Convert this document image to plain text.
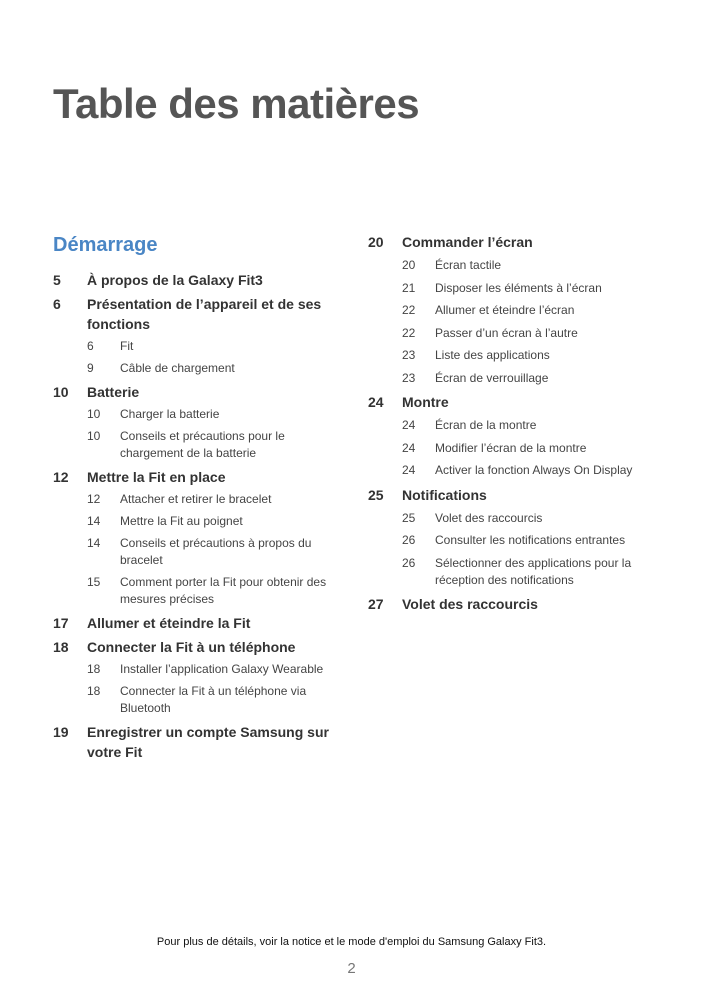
Table des matières
Démarrage
5	À propos de la Galaxy Fit3
6	Présentation de l’appareil et de ses fonctions
6	Fit
9	Câble de chargement
10	Batterie
10	Charger la batterie
10	Conseils et précautions pour le chargement de la batterie
12	Mettre la Fit en place
12	Attacher et retirer le bracelet
14	Mettre la Fit au poignet
14	Conseils et précautions à propos du bracelet
15	Comment porter la Fit pour obtenir des mesures précises
17	Allumer et éteindre la Fit
18	Connecter la Fit à un téléphone
18	Installer l’application Galaxy Wearable
18	Connecter la Fit à un téléphone via Bluetooth
19	Enregistrer un compte Samsung sur votre Fit
20	Commander l’écran
20	Écran tactile
21	Disposer les éléments à l’écran
22	Allumer et éteindre l’écran
22	Passer d’un écran à l’autre
23	Liste des applications
23	Écran de verrouillage
24	Montre
24	Écran de la montre
24	Modifier l’écran de la montre
24	Activer la fonction Always On Display
25	Notifications
25	Volet des raccourcis
26	Consulter les notifications entrantes
26	Sélectionner des applications pour la réception des notifications
27	Volet des raccourcis
Pour plus de détails, voir la notice et le mode d'emploi du Samsung Galaxy Fit3.
2
